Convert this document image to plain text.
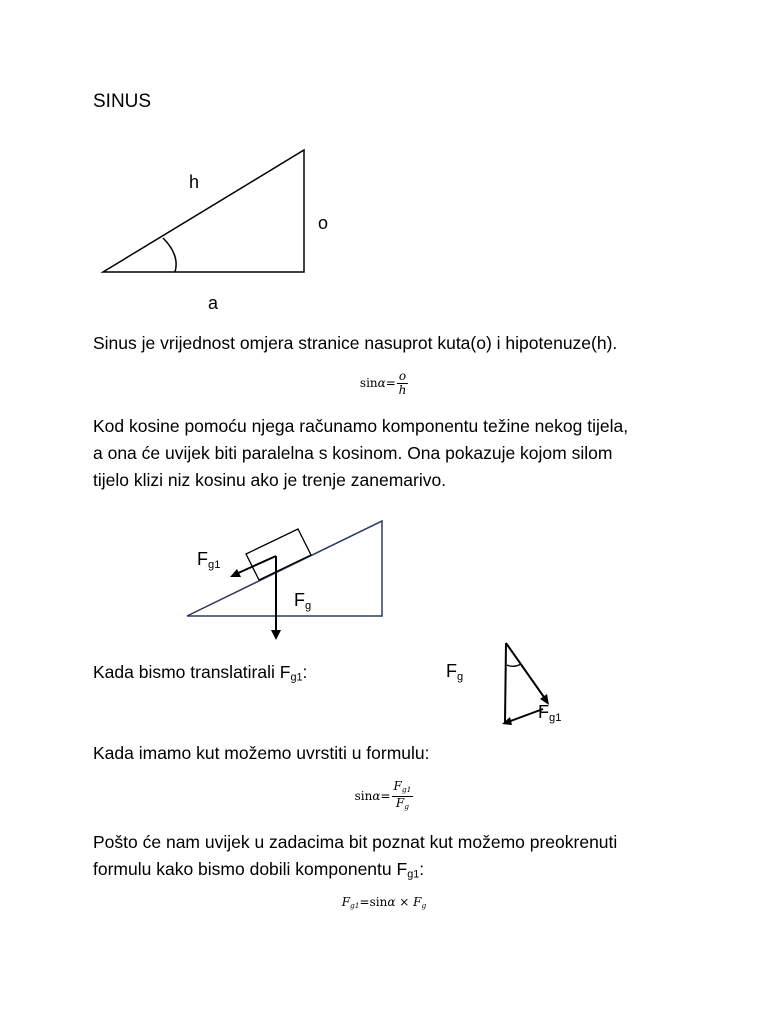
SINUS
h
o
a
Sinus je vrijednost omjera stranice nasuprot kuta(o) i hipotenuze(h).
$\sin\alpha= \frac{o}{h}$
Kod kosine pomoću njega računamo komponentu težine nekog tijela,
a ona će uvijek biti paralelna s kosinom. Ona pokazuje kojom silom
tijelo klizi niz kosinu ako je trenje zanemarivo.
$F_{g1}$
$F_g$
Kada bismo translatirali $F_{g1}$:	$F_g$
$F_{g1}$
Kada imamo kut možemo uvrstiti u formulu:
$\sin\alpha= \frac{F_{g1}}{F_g}$
Pošto će nam uvijek u zadacima bit poznat kut možemo preokrenuti
formulu kako bismo dobili komponentu $F_{g1}$:
$F_{g1}=\sin\alpha \times F_g$
